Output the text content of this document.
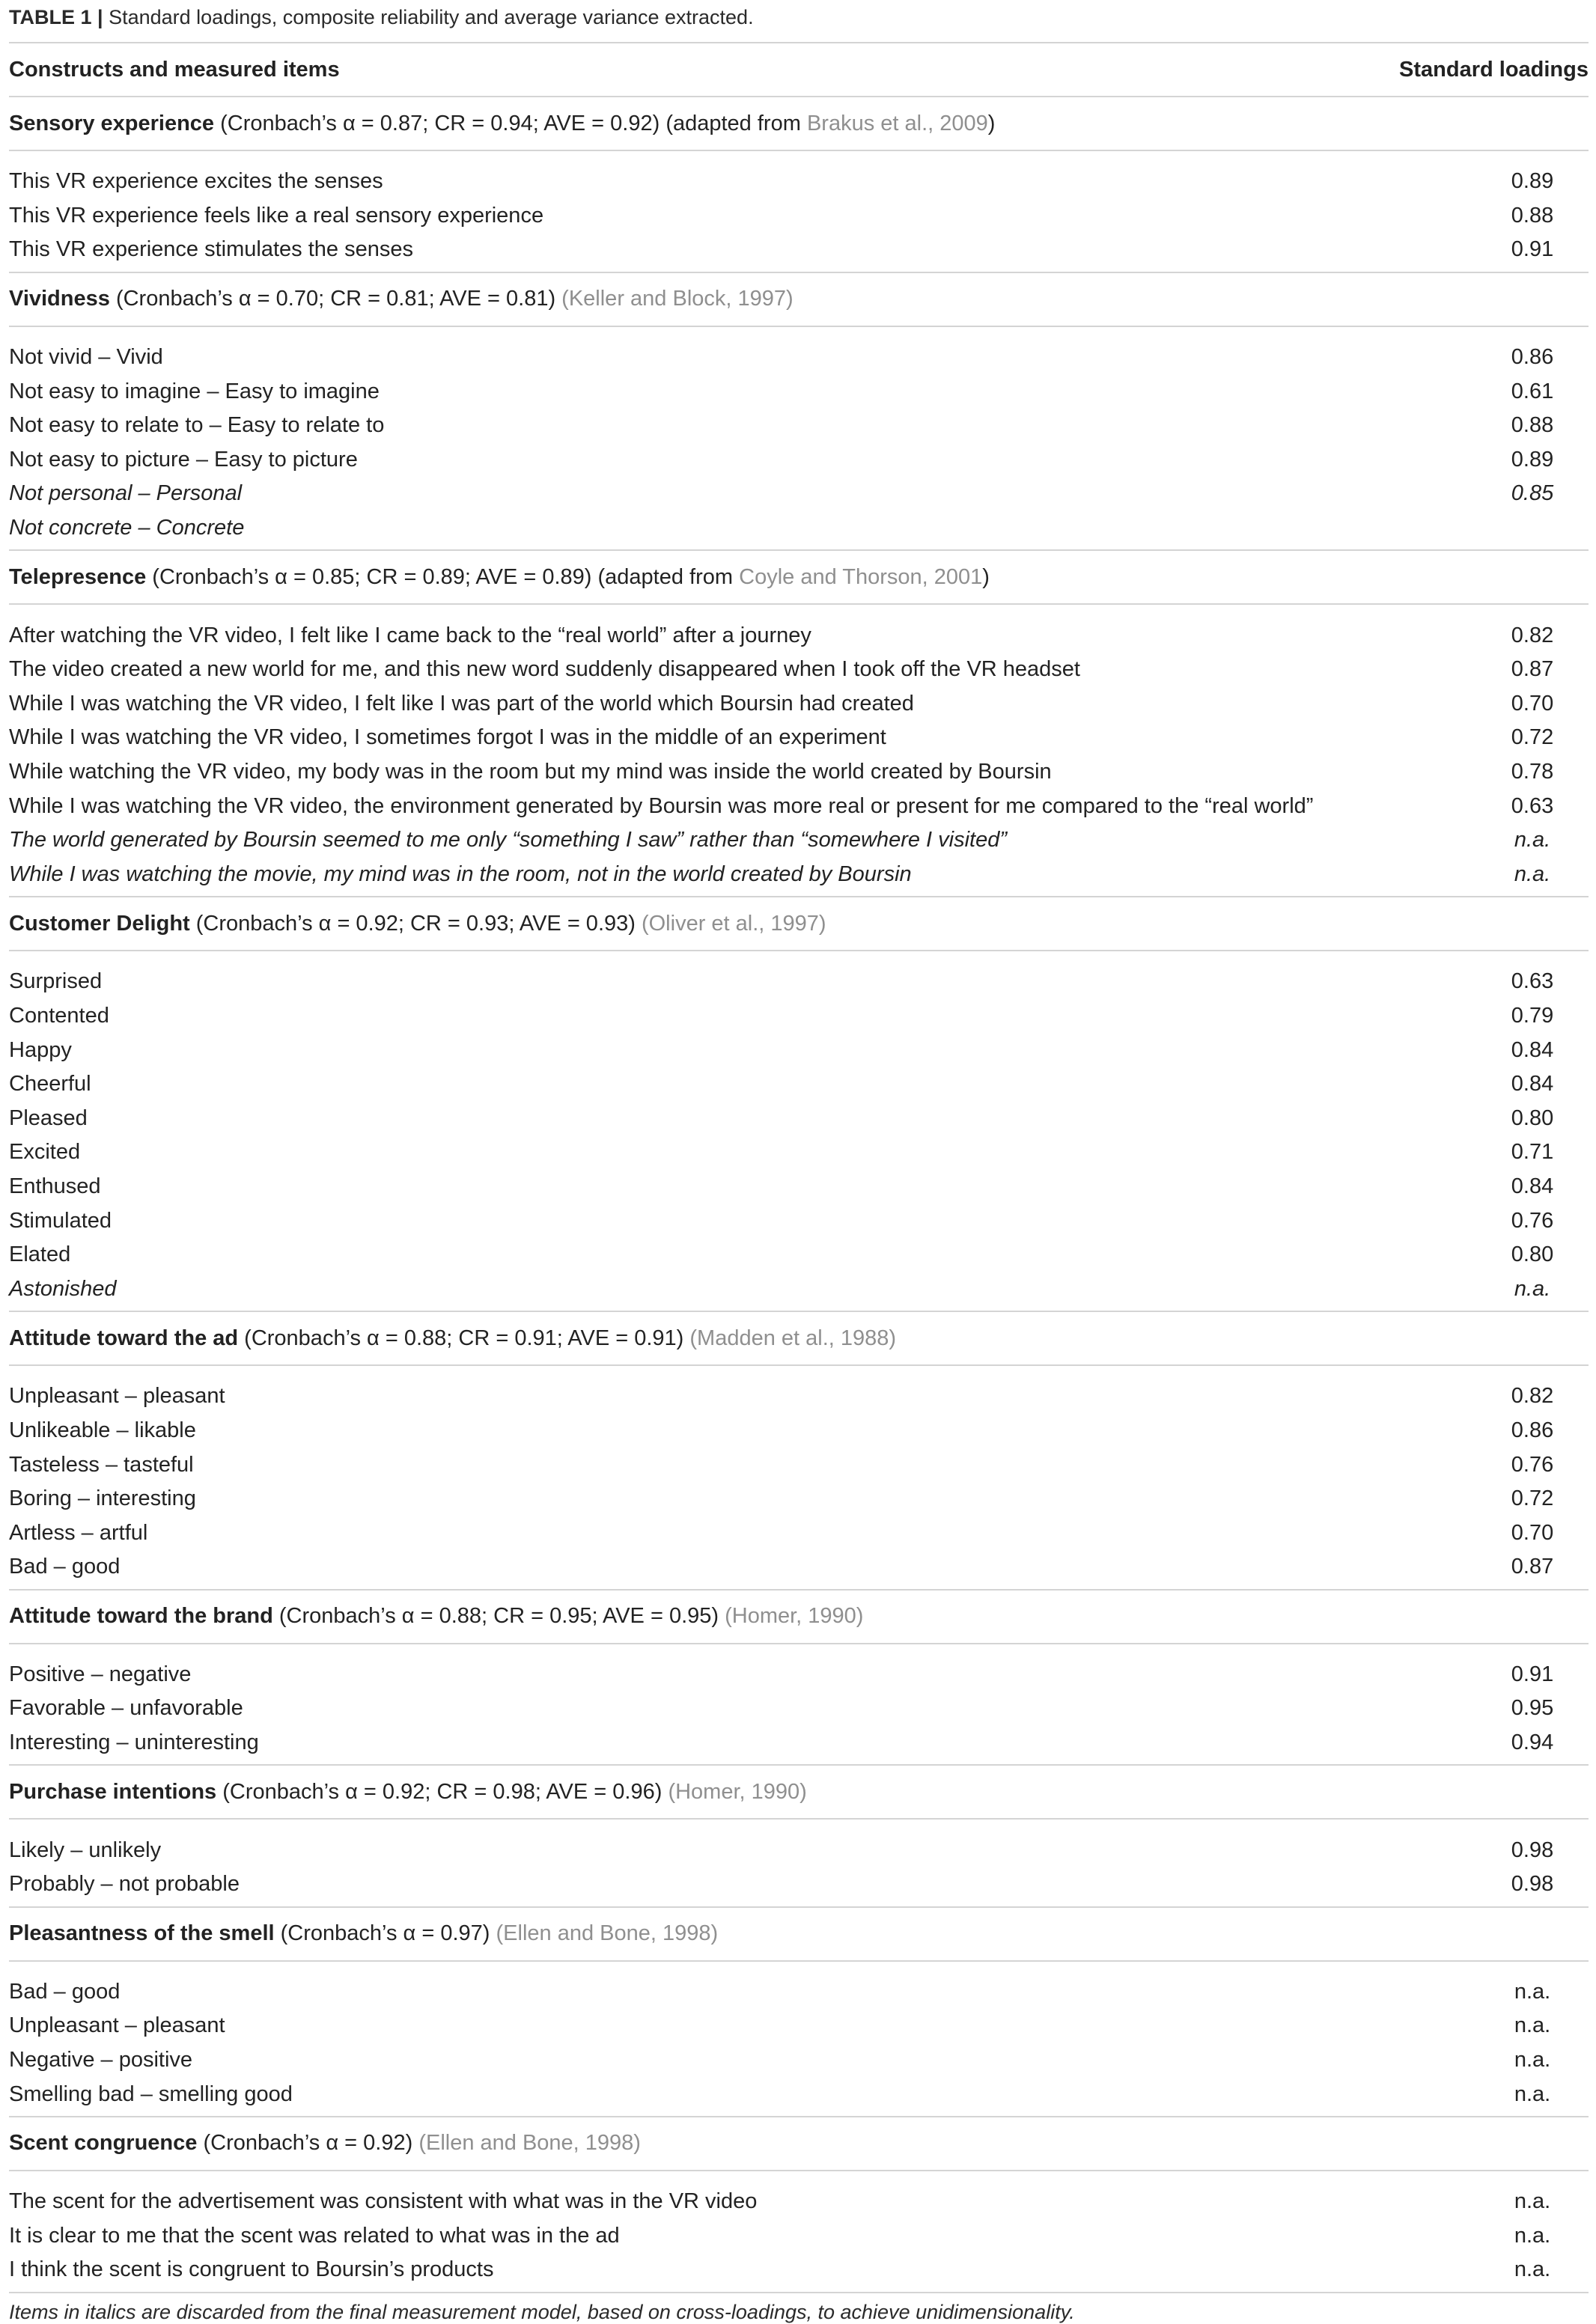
TABLE 1 | Standard loadings, composite reliability and average variance extracted.
Constructs and measured items	Standard loadings
Sensory experience (Cronbach’s α = 0.87; CR = 0.94; AVE = 0.92) (adapted from Brakus et al., 2009)
This VR experience excites the senses	0.89
This VR experience feels like a real sensory experience	0.88
This VR experience stimulates the senses	0.91
Vividness (Cronbach’s α = 0.70; CR = 0.81; AVE = 0.81) (Keller and Block, 1997)
Not vivid – Vivid	0.86
Not easy to imagine – Easy to imagine	0.61
Not easy to relate to – Easy to relate to	0.88
Not easy to picture – Easy to picture	0.89
Not personal – Personal	0.85
Not concrete – Concrete
Telepresence (Cronbach’s α = 0.85; CR = 0.89; AVE = 0.89) (adapted from Coyle and Thorson, 2001)
After watching the VR video, I felt like I came back to the “real world” after a journey	0.82
The video created a new world for me, and this new word suddenly disappeared when I took off the VR headset	0.87
While I was watching the VR video, I felt like I was part of the world which Boursin had created	0.70
While I was watching the VR video, I sometimes forgot I was in the middle of an experiment	0.72
While watching the VR video, my body was in the room but my mind was inside the world created by Boursin	0.78
While I was watching the VR video, the environment generated by Boursin was more real or present for me compared to the “real world”	0.63
The world generated by Boursin seemed to me only “something I saw” rather than “somewhere I visited”	n.a.
While I was watching the movie, my mind was in the room, not in the world created by Boursin	n.a.
Customer Delight (Cronbach’s α = 0.92; CR = 0.93; AVE = 0.93) (Oliver et al., 1997)
Surprised	0.63
Contented	0.79
Happy	0.84
Cheerful	0.84
Pleased	0.80
Excited	0.71
Enthused	0.84
Stimulated	0.76
Elated	0.80
Astonished	n.a.
Attitude toward the ad (Cronbach’s α = 0.88; CR = 0.91; AVE = 0.91) (Madden et al., 1988)
Unpleasant – pleasant	0.82
Unlikeable – likable	0.86
Tasteless – tasteful	0.76
Boring – interesting	0.72
Artless – artful	0.70
Bad – good	0.87
Attitude toward the brand (Cronbach’s α = 0.88; CR = 0.95; AVE = 0.95) (Homer, 1990)
Positive – negative	0.91
Favorable – unfavorable	0.95
Interesting – uninteresting	0.94
Purchase intentions (Cronbach’s α = 0.92; CR = 0.98; AVE = 0.96) (Homer, 1990)
Likely – unlikely	0.98
Probably – not probable	0.98
Pleasantness of the smell (Cronbach’s α = 0.97) (Ellen and Bone, 1998)
Bad – good	n.a.
Unpleasant – pleasant	n.a.
Negative – positive	n.a.
Smelling bad – smelling good	n.a.
Scent congruence (Cronbach’s α = 0.92) (Ellen and Bone, 1998)
The scent for the advertisement was consistent with what was in the VR video	n.a.
It is clear to me that the scent was related to what was in the ad	n.a.
I think the scent is congruent to Boursin’s products	n.a.
Items in italics are discarded from the final measurement model, based on cross-loadings, to achieve unidimensionality.
